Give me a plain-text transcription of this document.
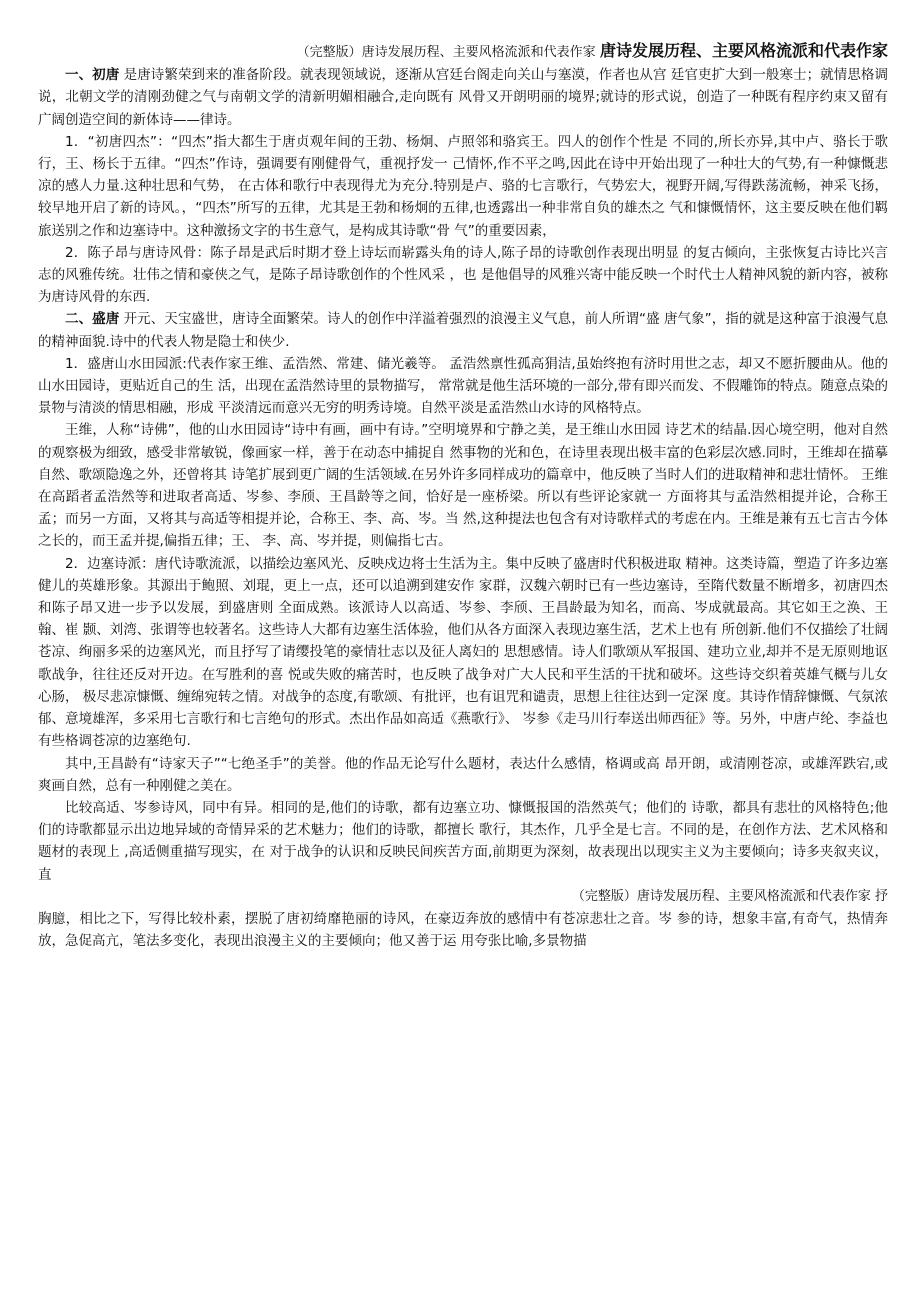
（完整版）唐诗发展历程、主要风格流派和代表作家 唐诗发展历程、主要风格流派和代表作家

一、初唐 是唐诗繁荣到来的准备阶段。就表现领域说，逐渐从宫廷台阁走向关山与塞漠，作者也从宫 廷官吏扩大到一般寒士；就情思格调说，北朝文学的清刚劲健之气与南朝文学的清新明媚相融合,走向既有 风骨又开朗明丽的境界;就诗的形式说，创造了一种既有程序约束又留有广阔创造空间的新体诗——律诗。

1．“初唐四杰”：“四杰”指大都生于唐贞观年间的王勃、杨炯、卢照邻和骆宾王。四人的创作个性是 不同的,所长亦异,其中卢、骆长于歌行，王、杨长于五律。“四杰”作诗，强调要有刚健骨气，重视抒发一 己情怀,作不平之鸣,因此在诗中开始出现了一种壮大的气势,有一种慷慨悲凉的感人力量.这种壮思和气势， 在古体和歌行中表现得尤为充分.特别是卢、骆的七言歌行，气势宏大，视野开阔,写得跌荡流畅，神采飞扬，较早地开启了新的诗风。，“四杰”所写的五律，尤其是王勃和杨炯的五律,也透露出一种非常自负的雄杰之 气和慷慨情怀，这主要反映在他们羁旅送别之作和边塞诗中。这种激扬文字的书生意气，是构成其诗歌“骨 气”的重要因素，

2．陈子昂与唐诗风骨：陈子昂是武后时期才登上诗坛而崭露头角的诗人,陈子昂的诗歌创作表现出明显 的复古倾向，主张恢复古诗比兴言志的风雅传统。壮伟之情和豪侠之气，是陈子昂诗歌创作的个性风采 ，也 是他倡导的风雅兴寄中能反映一个时代士人精神风貌的新内容，被称为唐诗风骨的东西.

二、盛唐 开元、天宝盛世，唐诗全面繁荣。诗人的创作中洋溢着强烈的浪漫主义气息，前人所谓“盛 唐气象”，指的就是这种富于浪漫气息的精神面貌.诗中的代表人物是隐士和侠少.

1．盛唐山水田园派:代表作家王维、孟浩然、常建、储光羲等。 孟浩然禀性孤高狷洁,虽始终抱有济时用世之志，却又不愿折腰曲从。他的山水田园诗，更贴近自己的生 活，出现在孟浩然诗里的景物描写， 常常就是他生活环境的一部分,带有即兴而发、不假雕饰的特点。随意点染的景物与清淡的情思相融，形成 平淡清远而意兴无穷的明秀诗境。自然平淡是孟浩然山水诗的风格特点。

王维，人称“诗佛”，他的山水田园诗“诗中有画，画中有诗。”空明境界和宁静之美，是王维山水田园 诗艺术的结晶.因心境空明，他对自然的观察极为细致，感受非常敏锐，像画家一样，善于在动态中捕捉自 然事物的光和色，在诗里表现出极丰富的色彩层次感.同时，王维却在描摹自然、歌颂隐逸之外，还曾将其 诗笔扩展到更广阔的生活领域.在另外许多同样成功的篇章中，他反映了当时人们的进取精神和悲壮情怀。 王维在高蹈者孟浩然等和进取者高适、岑参、李颀、王昌龄等之间，恰好是一座桥梁。所以有些评论家就一 方面将其与孟浩然相提并论，合称王孟；而另一方面，又将其与高适等相提并论，合称王、李、高、岑。当 然,这种提法也包含有对诗歌样式的考虑在内。王维是兼有五七言古今体之长的，而王孟并提,偏指五律；王、 李、高、岑并提，则偏指七古。

2．边塞诗派：唐代诗歌流派，以描绘边塞风光、反映戍边将士生活为主。集中反映了盛唐时代积极进取 精神。这类诗篇，塑造了许多边塞健儿的英雄形象。其源出于鲍照、刘琨，更上一点，还可以追溯到建安作 家群，汉魏六朝时已有一些边塞诗，至隋代数量不断增多，初唐四杰和陈子昂又进一步予以发展，到盛唐则 全面成熟。该派诗人以高适、岑参、李颀、王昌龄最为知名，而高、岑成就最高。其它如王之涣、王翰、崔 颢、刘湾、张谓等也较著名。这些诗人大都有边塞生活体验，他们从各方面深入表现边塞生活，艺术上也有 所创新.他们不仅描绘了壮阔苍凉、绚丽多采的边塞风光，而且抒写了请缨投笔的豪情壮志以及征人离妇的 思想感情。诗人们歌颂从军报国、建功立业,却并不是无原则地讴歌战争，往往还反对开边。在写胜利的喜 悦或失败的痛苦时，也反映了战争对广大人民和平生活的干扰和破坏。这些诗交织着英雄气概与儿女心肠， 极尽悲凉慷慨、缠绵宛转之情。对战争的态度,有歌颂、有批评，也有诅咒和谴责，思想上往往达到一定深 度。其诗作情辞慷慨、气氛浓郁、意境雄浑，多采用七言歌行和七言绝句的形式。杰出作品如高适《燕歌行》、 岑参《走马川行奉送出师西征》等。另外，中唐卢纶、李益也有些格调苍凉的边塞绝句.

其中,王昌龄有“诗家天子”“七绝圣手”的美誉。他的作品无论写什么题材，表达什么感情，格调或高 昂开朗，或清刚苍凉，或雄浑跌宕,或爽画自然，总有一种刚健之美在。

比较高适、岑参诗风，同中有异。相同的是,他们的诗歌，都有边塞立功、慷慨报国的浩然英气；他们的 诗歌，都具有悲壮的风格特色;他们的诗歌都显示出边地异域的奇情异采的艺术魅力；他们的诗歌，都擅长 歌行，其杰作，几乎全是七言。不同的是，在创作方法、艺术风格和题材的表现上 ,高适侧重描写现实，在 对于战争的认识和反映民间疾苦方面,前期更为深刻，故表现出以现实主义为主要倾向；诗多夹叙夹议，直

（完整版）唐诗发展历程、主要风格流派和代表作家 抒

胸臆，相比之下，写得比较朴素，摆脱了唐初绮靡艳丽的诗风，在豪迈奔放的感情中有苍凉悲壮之音。岑 参的诗，想象丰富,有奇气，热情奔放，急促高亢，笔法多变化，表现出浪漫主义的主要倾向；他又善于运 用夸张比喻,多景物描
